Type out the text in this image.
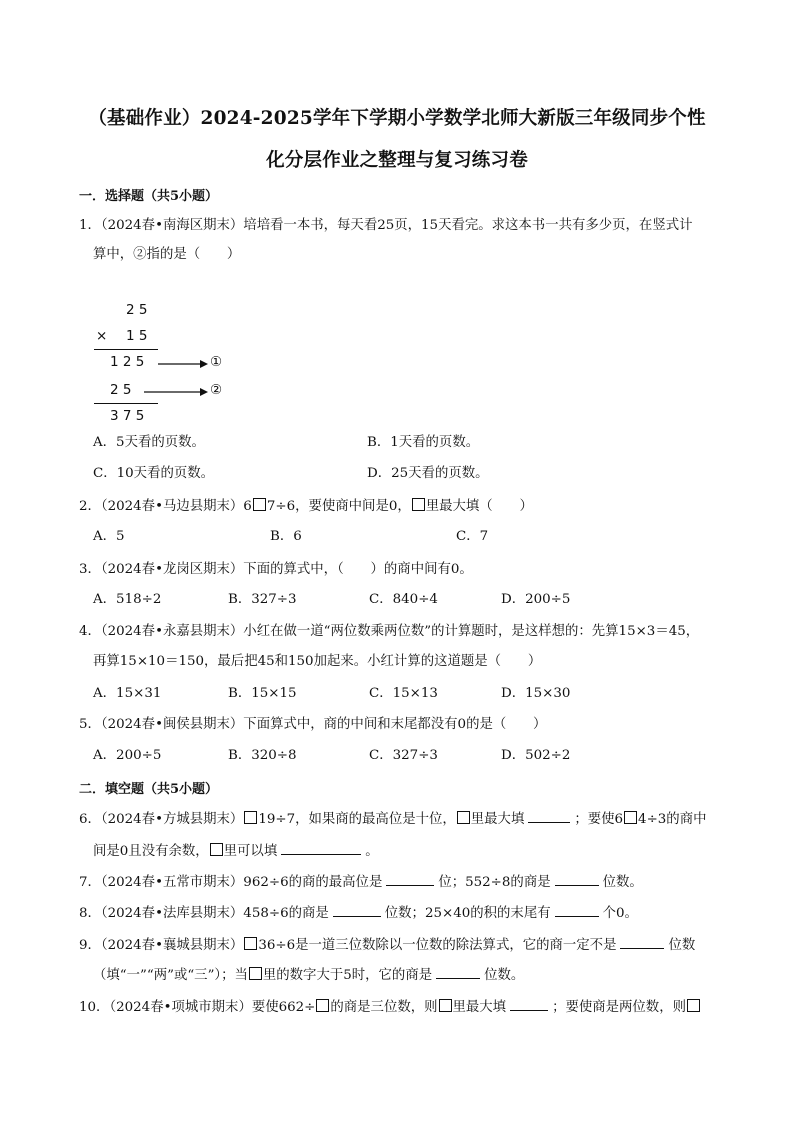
（基础作业）2024-2025学年下学期小学数学北师大新版三年级同步个性
化分层作业之整理与复习练习卷
一．选择题（共5小题）
1．（2024春•南海区期末）培培看一本书，每天看25页，15天看完。求这本书一共有多少页，在竖式计
算中，②指的是（　　）
2 5
× 1 5
1 2 5	①
2 5	②
3 7 5
A．5天看的页数。	B．1天看的页数。
C．10天看的页数。	D．25天看的页数。
2．（2024春•马边县期末）6 7÷6，要使商中间是0， 里最大填（　　）
A．5	B．6	C．7
3．（2024春•龙岗区期末）下面的算式中，（　　）的商中间有0。
A．518÷2	B．327÷3	C．840÷4	D．200÷5
4．（2024春•永嘉县期末）小红在做一道“两位数乘两位数”的计算题时，是这样想的：先算15×3＝45，
再算15×10＝150，最后把45和150加起来。小红计算的这道题是（　　）
A．15×31	B．15×15	C．15×13	D．15×30
5．（2024春•闽侯县期末）下面算式中，商的中间和末尾都没有0的是（　　）
A．200÷5	B．320÷8	C．327÷3	D．502÷2
二．填空题（共5小题）
6．（2024春•方城县期末） 19÷7，如果商的最高位是十位， 里最大填	；要使6 4÷3的商中
间是0且没有余数， 里可以填	。
7．（2024春•五常市期末）962÷6的商的最高位是	位；552÷8的商是	位数。
8．（2024春•法库县期末）458÷6的商是	位数；25×40的积的末尾有	个0。
9．（2024春•襄城县期末） 36÷6是一道三位数除以一位数的除法算式，它的商一定不是	位数
（填“一”“两”或“三”）；当 里的数字大于5时，它的商是	位数。
10．（2024春•项城市期末）要使662÷ 的商是三位数，则 里最大填	；要使商是两位数，则
